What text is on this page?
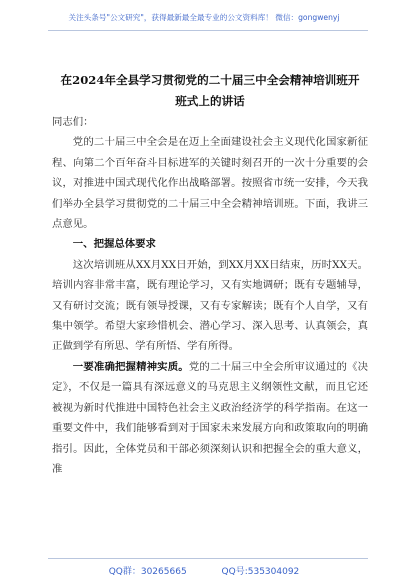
关注头条号"公文研究"，获得最新最全最专业的公文资料库！ 微信：gongwenyj
在2024年全县学习贯彻党的二十届三中全会精神培训班开
班式上的讲话

同志们：

党的二十届三中全会是在迈上全面建设社会主义现代化国家新征程、向第二个百年奋斗目标进军的关键时刻召开的一次十分重要的会议，对推进中国式现代化作出战略部署。按照省市统一安排，今天我们举办全县学习贯彻党的二十届三中全会精神培训班。下面，我讲三点意见。

一、把握总体要求

这次培训班从XX月XX日开始，到XX月XX日结束，历时XX天。培训内容非常丰富，既有理论学习，又有实地调研；既有专题辅导，又有研讨交流；既有领导授课，又有专家解读；既有个人自学，又有集中领学。希望大家珍惜机会、潜心学习、深入思考、认真领会，真正做到学有所思、学有所悟、学有所得。

一要准确把握精神实质。党的二十届三中全会所审议通过的《决定》，不仅是一篇具有深远意义的马克思主义纲领性文献，而且它还被视为新时代推进中国特色社会主义政治经济学的科学指南。在这一重要文件中，我们能够看到对于国家未来发展方向和政策取向的明确指引。因此，全体党员和干部必须深刻认识和把握全会的重大意义，准

QQ群：30265665	QQ号:535304092
